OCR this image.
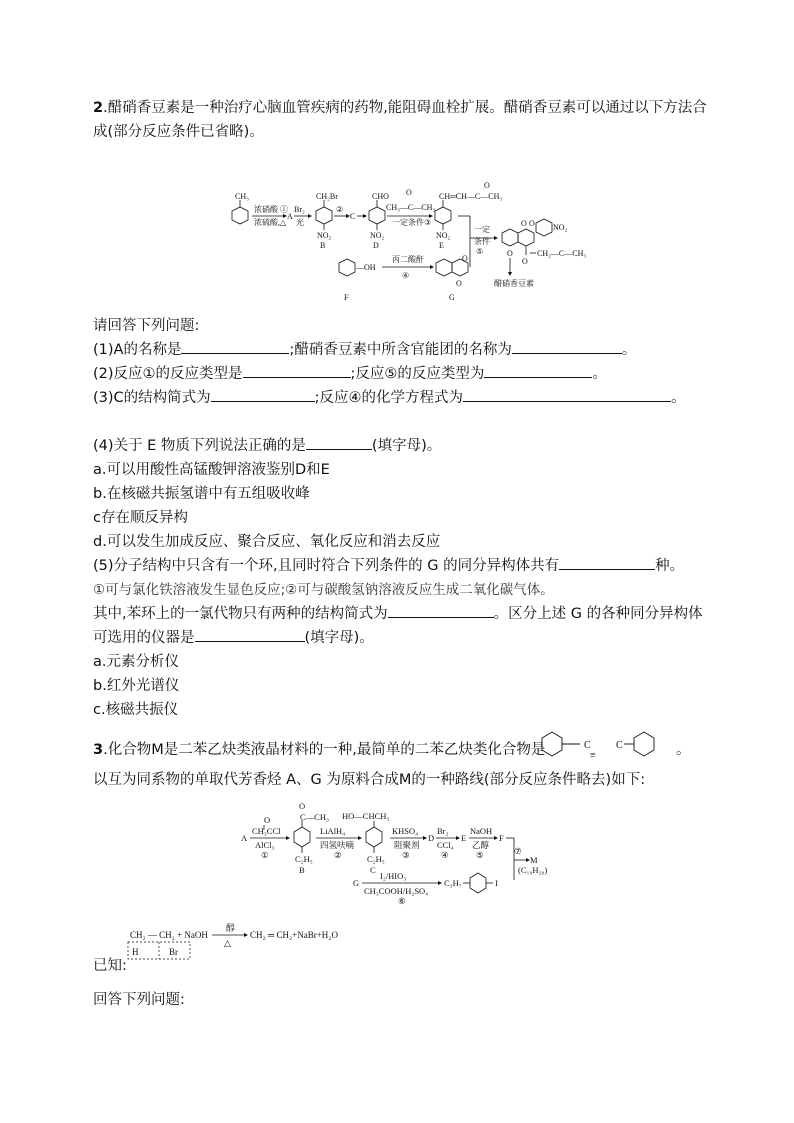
2.醋硝香豆素是一种治疗心脑血管疾病的药物,能阻碍血栓扩展。醋硝香豆素可以通过以下方法合
成(部分反应条件已省略)。
CH₃
浓硝酸 ①
浓硫酸,△
A
Br₂
光
CH₂Br
NO₂
B
②
C
CHO
NO₂
D
O
CH₃—C—CH₃
一定条件③
CH═CH—C—CH₃
O
NO₂
E
一定
条件
⑤
O O NO₂
O
O
CH₂—C—CH₃
醋硝香豆素
—OH
F
丙二酸酐
④
O
O
G
请回答下列问题:
(1)A的名称是	;醋硝香豆素中所含官能团的名称为	。
(2)反应①的反应类型是	;反应⑤的反应类型为	。
(3)C的结构简式为	;反应④的化学方程式为	。
(4)关于 E 物质下列说法正确的是	(填字母)。
a.可以用酸性高锰酸钾溶液鉴别D和E
b.在核磁共振氢谱中有五组吸收峰
c存在顺反异构
d.可以发生加成反应、聚合反应、氧化反应和消去反应
(5)分子结构中只含有一个环,且同时符合下列条件的 G 的同分异构体共有	种。
①可与氯化铁溶液发生显色反应;②可与碳酸氢钠溶液反应生成二氧化碳气体。
其中,苯环上的一氯代物只有两种的结构简式为	。区分上述 G 的各种同分异构体
可选用的仪器是	(填字母)。
a.元素分析仪
b.红外光谱仪
c.核磁共振仪
3.化合物M是二苯乙炔类液晶材料的一种,最简单的二苯乙炔类化合物是	C
≡
C	。
以互为同系物的单取代芳香烃 A、G 为原料合成M的一种路线(部分反应条件略去)如下:
A
O
CH₃CCl
AlCl₃
①
C—CH₃
O
C₂H₅
B
LiAlH₄
四氢呋喃
②
HO—CHCH₃
C₂H₅
C
KHSO₄
阻聚剂
③
D
Br₂
CCl₄
④
E
NaOH
乙醇
⑤
F
⑦
M
(C₁₉H₂₀)
G
I₂/HIO₃
CH₃COOH/H₂SO₄
⑥
C₃H₇	I
CH₂ — CH₂ + NaOH
醇
△
CH₂ ═ CH₂+NaBr+H₂O
H	Br
已知:
回答下列问题:
